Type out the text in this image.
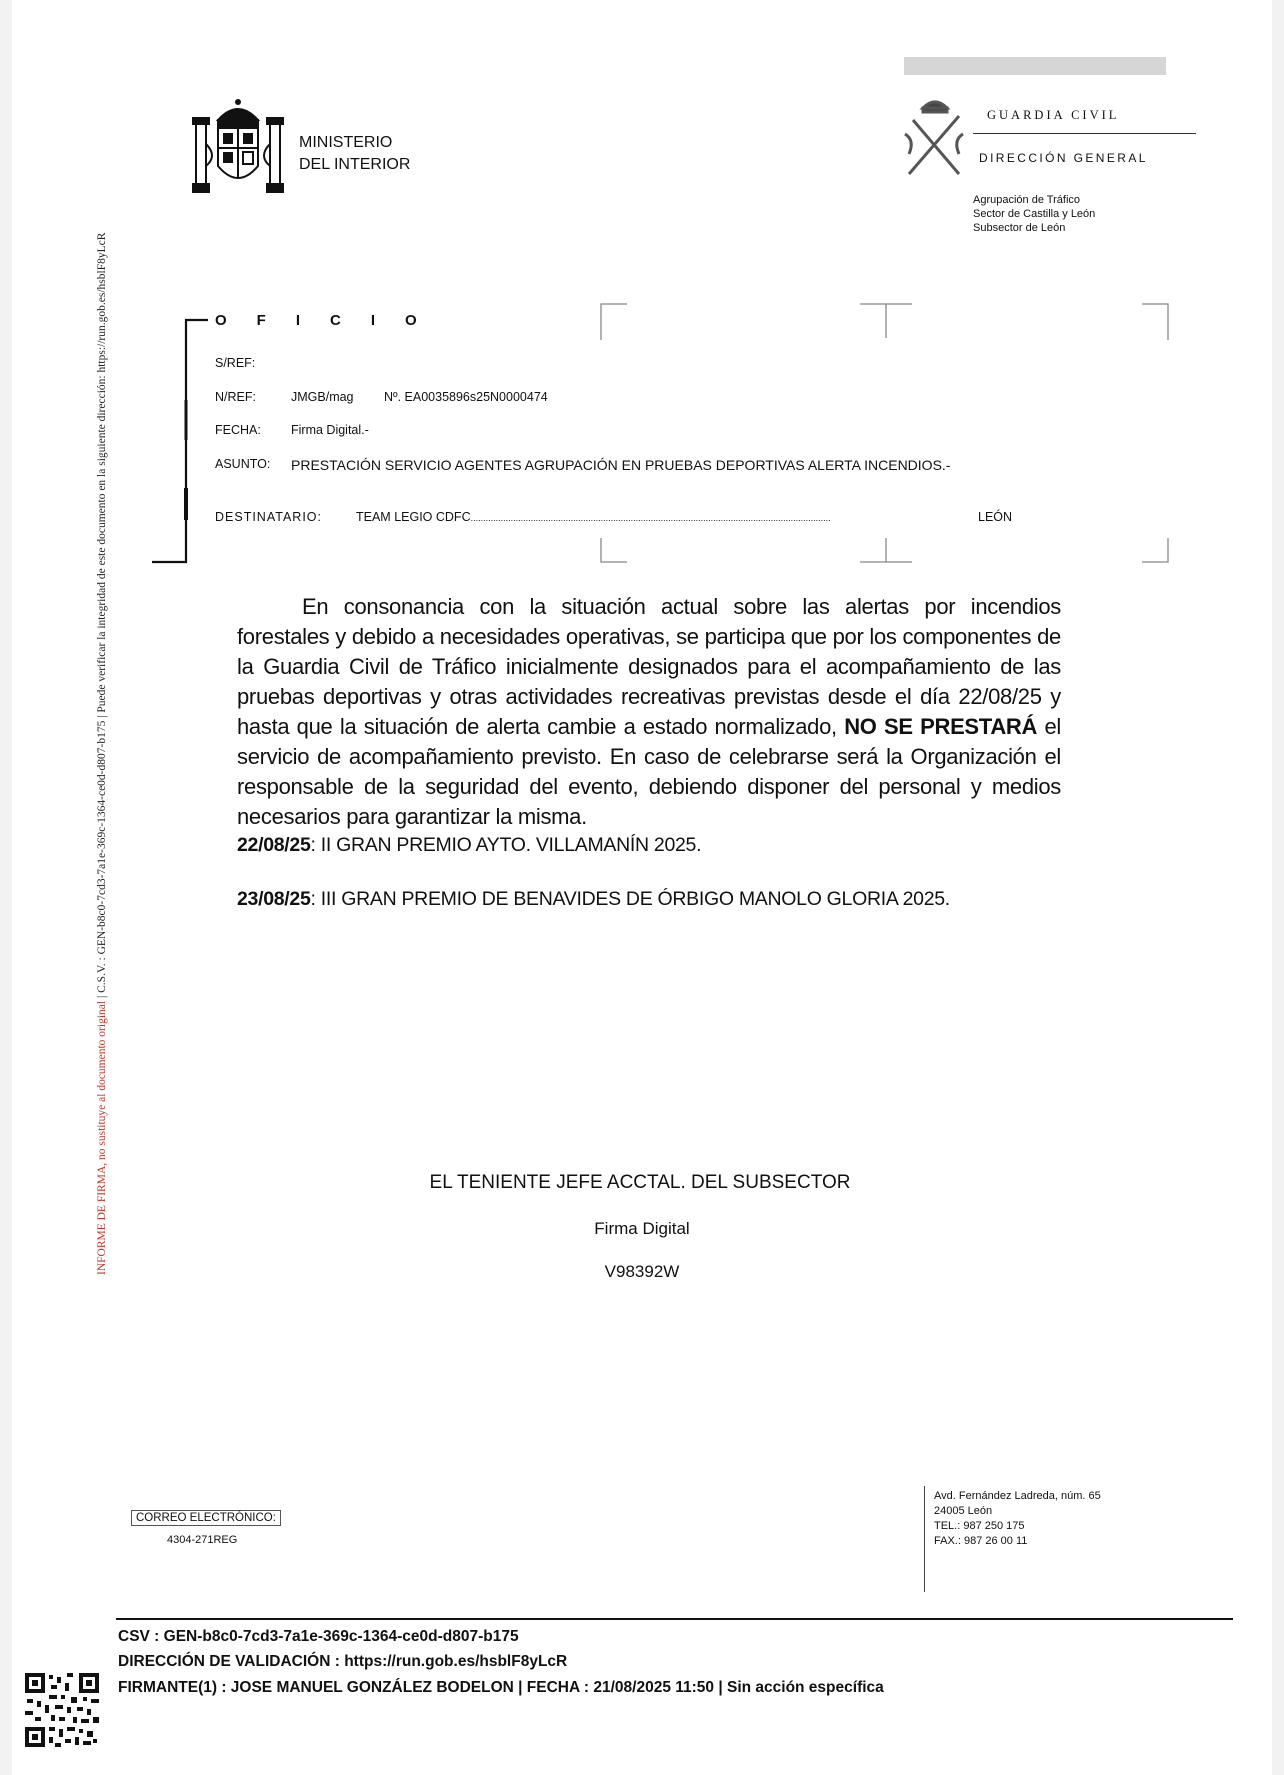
INFORME DE FIRMA, no sustituye al documento original | C.S.V. : GEN-b8c0-7cd3-7a1e-369c-1364-ce0d-d807-b175 | Puede verificar la integridad de este documento en la siguiente dirección: https://run.gob.es/hsblF8yLcR
MINISTERIO
DEL INTERIOR
GUARDIA CIVIL
DIRECCIÓN GENERAL
Agrupación de Tráfico
Sector de Castilla y León
Subsector de León
OFICIO
S/REF:
N/REF:	JMGB/mag Nº. EA0035896s25N0000474
FECHA: Firma Digital.-
ASUNTO: PRESTACIÓN SERVICIO AGENTES AGRUPACIÓN EN PRUEBAS DEPORTIVAS ALERTA INCENDIOS.-
DESTINATARIO:	TEAM LEGIO CDFC................................................................................................................................................	LEÓN
En consonancia con la situación actual sobre las alertas por incendios forestales y debido a necesidades operativas, se participa que por los componentes de la Guardia Civil de Tráfico inicialmente designados para el acompañamiento de las pruebas deportivas y otras actividades recreativas previstas desde el día 22/08/25 y hasta que la situación de alerta cambie a estado normalizado, NO SE PRESTARÁ el servicio de acompañamiento previsto. En caso de celebrarse será la Organización el responsable de la seguridad del evento, debiendo disponer del personal y medios necesarios para garantizar la misma.
22/08/25: II GRAN PREMIO AYTO. VILLAMANÍN 2025.
23/08/25: III GRAN PREMIO DE BENAVIDES DE ÓRBIGO MANOLO GLORIA 2025.
EL TENIENTE JEFE ACCTAL. DEL SUBSECTOR
Firma Digital
V98392W
CORREO ELECTRÓNICO:
4304-271REG
Avd. Fernández Ladreda, núm. 65
24005 León
TEL.: 987 250 175
FAX.: 987 26 00 11
CSV : GEN-b8c0-7cd3-7a1e-369c-1364-ce0d-d807-b175
DIRECCIÓN DE VALIDACIÓN : https://run.gob.es/hsblF8yLcR
FIRMANTE(1) : JOSE MANUEL GONZÁLEZ BODELON | FECHA : 21/08/2025 11:50 | Sin acción específica
